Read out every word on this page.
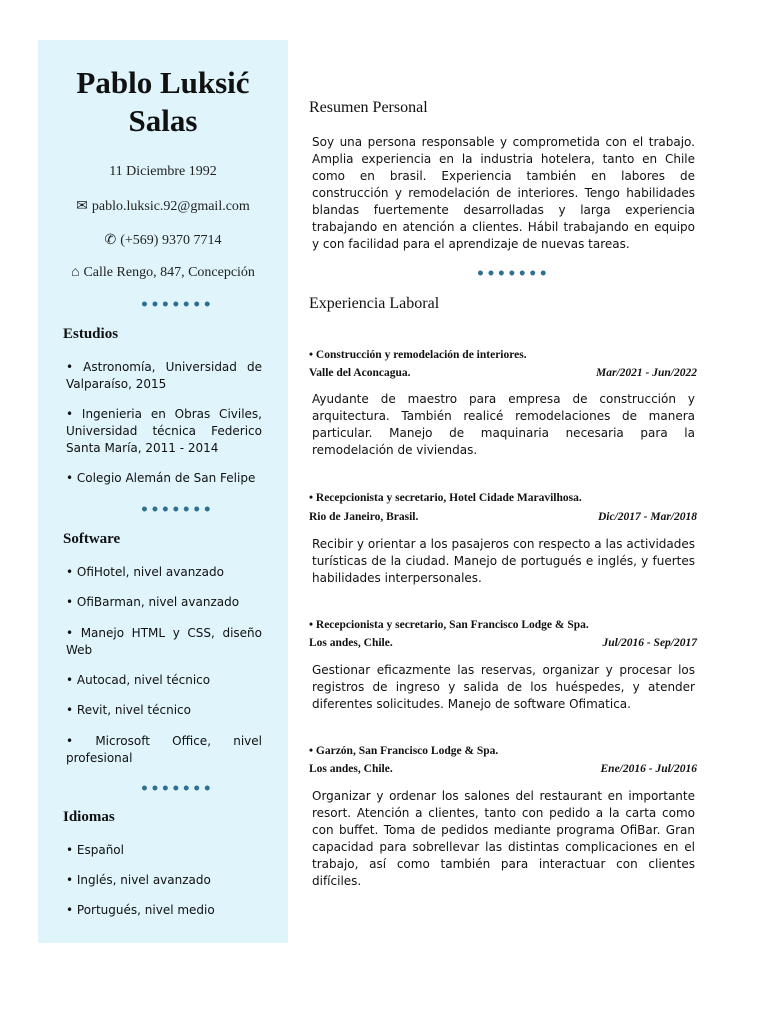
Pablo Luksić
Salas
11 Diciembre 1992
✉ pablo.luksic.92@gmail.com
✆ (+569) 9370 7714
⌂ Calle Rengo, 847, Concepción
•••••••
Estudios
• Astronomía, Universidad de Valparaíso, 2015
• Ingenieria en Obras Civiles, Universidad técnica Federico Santa María, 2011 - 2014
• Colegio Alemán de San Felipe
•••••••
Software
• OfiHotel, nivel avanzado
• OfiBarman, nivel avanzado
• Manejo HTML y CSS, diseño Web
• Autocad, nivel técnico
• Revit, nivel técnico
• Microsoft Office, nivel profesional
•••••••
Idiomas
• Español
• Inglés, nivel avanzado
• Portugués, nivel medio
Resumen Personal
Soy una persona responsable y comprometida con el trabajo. Amplia experiencia en la industria hotelera, tanto en Chile como en brasil. Experiencia también en labores de construcción y remodelación de interiores. Tengo habilidades blandas fuertemente desarrolladas y larga experiencia trabajando en atención a clientes. Hábil trabajando en equipo y con facilidad para el aprendizaje de nuevas tareas.
•••••••
Experiencia Laboral
• Construcción y remodelación de interiores.
Valle del Aconcagua.	Mar/2021 - Jun/2022
Ayudante de maestro para empresa de construcción y arquitectura. También realicé remodelaciones de manera particular. Manejo de maquinaria necesaria para la remodelación de viviendas.
• Recepcionista y secretario, Hotel Cidade Maravilhosa.
Rio de Janeiro, Brasil.	Dic/2017 - Mar/2018
Recibir y orientar a los pasajeros con respecto a las actividades turísticas de la ciudad. Manejo de portugués e inglés, y fuertes habilidades interpersonales.
• Recepcionista y secretario, San Francisco Lodge & Spa.
Los andes, Chile.	Jul/2016 - Sep/2017
Gestionar eficazmente las reservas, organizar y procesar los registros de ingreso y salida de los huéspedes, y atender diferentes solicitudes. Manejo de software Ofimatica.
• Garzón, San Francisco Lodge & Spa.
Los andes, Chile.	Ene/2016 - Jul/2016
Organizar y ordenar los salones del restaurant en importante resort. Atención a clientes, tanto con pedido a la carta como con buffet. Toma de pedidos mediante programa OfiBar. Gran capacidad para sobrellevar las distintas complicaciones en el trabajo, así como también para interactuar con clientes difíciles.
